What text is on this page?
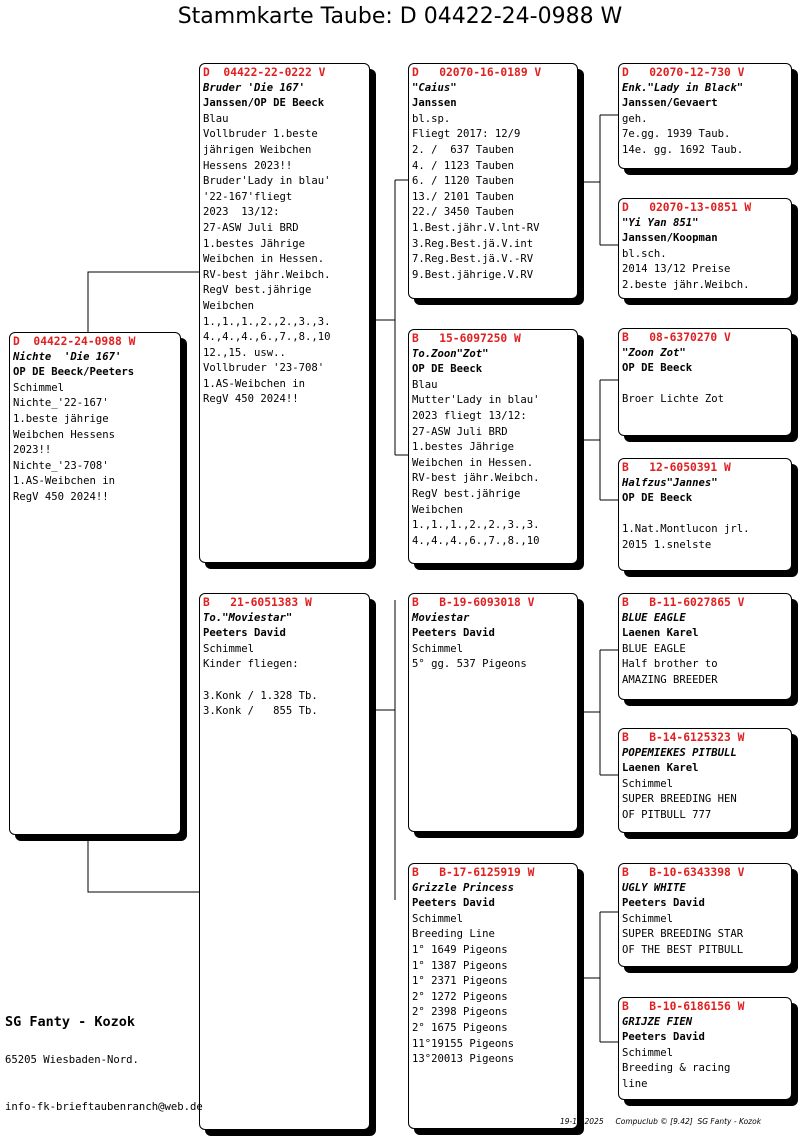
Stammkarte Taube: D 04422-24-0988 W
D  04422-24-0988 W
Nichte  'Die 167'
OP DE Beeck/Peeters
Schimmel
Nichte_'22-167'
1.beste jährige
Weibchen Hessens
2023!!
Nichte_'23-708'
1.AS-Weibchen in
RegV 450 2024!!
D  04422-22-0222 V
Bruder 'Die 167'
Janssen/OP DE Beeck
Blau
Vollbruder 1.beste
jährigen Weibchen
Hessens 2023!!
Bruder'Lady in blau'
'22-167'fliegt
2023  13/12:
27-ASW Juli BRD
1.bestes Jährige
Weibchen in Hessen.
RV-best jähr.Weibch.
RegV best.jährige
Weibchen
1.,1.,1.,2.,2.,3.,3.
4.,4.,4.,6.,7.,8.,10
12.,15. usw..
Vollbruder '23-708'
1.AS-Weibchen in
RegV 450 2024!!
B   21-6051383 W
To."Moviestar"
Peeters David
Schimmel
Kinder fliegen:
3.Konk / 1.328 Tb.
3.Konk /   855 Tb.
D   02070-16-0189 V
"Caius"
Janssen
bl.sp.
Fliegt 2017: 12/9
2. /  637 Tauben
4. / 1123 Tauben
6. / 1120 Tauben
13./ 2101 Tauben
22./ 3450 Tauben
1.Best.jähr.V.lnt-RV
3.Reg.Best.jä.V.int
7.Reg.Best.jä.V.-RV
9.Best.jährige.V.RV
B   15-6097250 W
To.Zoon"Zot"
OP DE Beeck
Blau
Mutter'Lady in blau'
2023 fliegt 13/12:
27-ASW Juli BRD
1.bestes Jährige
Weibchen in Hessen.
RV-best jähr.Weibch.
RegV best.jährige
Weibchen
1.,1.,1.,2.,2.,3.,3.
4.,4.,4.,6.,7.,8.,10
B   B-19-6093018 V
Moviestar
Peeters David
Schimmel
5° gg. 537 Pigeons
B   B-17-6125919 W
Grizzle Princess
Peeters David
Schimmel
Breeding Line
1° 1649 Pigeons
1° 1387 Pigeons
1° 2371 Pigeons
2° 1272 Pigeons
2° 2398 Pigeons
2° 1675 Pigeons
11°19155 Pigeons
13°20013 Pigeons
D   02070-12-730 V
Enk."Lady in Black"
Janssen/Gevaert
geh.
7e.gg. 1939 Taub.
14e. gg. 1692 Taub.
D   02070-13-0851 W
"Yi Yan 851"
Janssen/Koopman
bl.sch.
2014 13/12 Preise
2.beste jähr.Weibch.
B   08-6370270 V
"Zoon Zot"
OP DE Beeck
Broer Lichte Zot
B   12-6050391 W
Halfzus"Jannes"
OP DE Beeck
1.Nat.Montlucon jrl.
2015 1.snelste
B   B-11-6027865 V
BLUE EAGLE
Laenen Karel
BLUE EAGLE
Half brother to
AMAZING BREEDER
B   B-14-6125323 W
POPEMIEKES PITBULL
Laenen Karel
Schimmel
SUPER BREEDING HEN
OF PITBULL 777
B   B-10-6343398 V
UGLY WHITE
Peeters David
Schimmel
SUPER BREEDING STAR
OF THE BEST PITBULL
B   B-10-6186156 W
GRIJZE FIEN
Peeters David
Schimmel
Breeding & racing
line
SG Fanty - Kozok
65205 Wiesbaden-Nord.
info-fk-brieftaubenranch@web.de
19-11-2025 Compuclub © [9.42]  SG Fanty - Kozok
